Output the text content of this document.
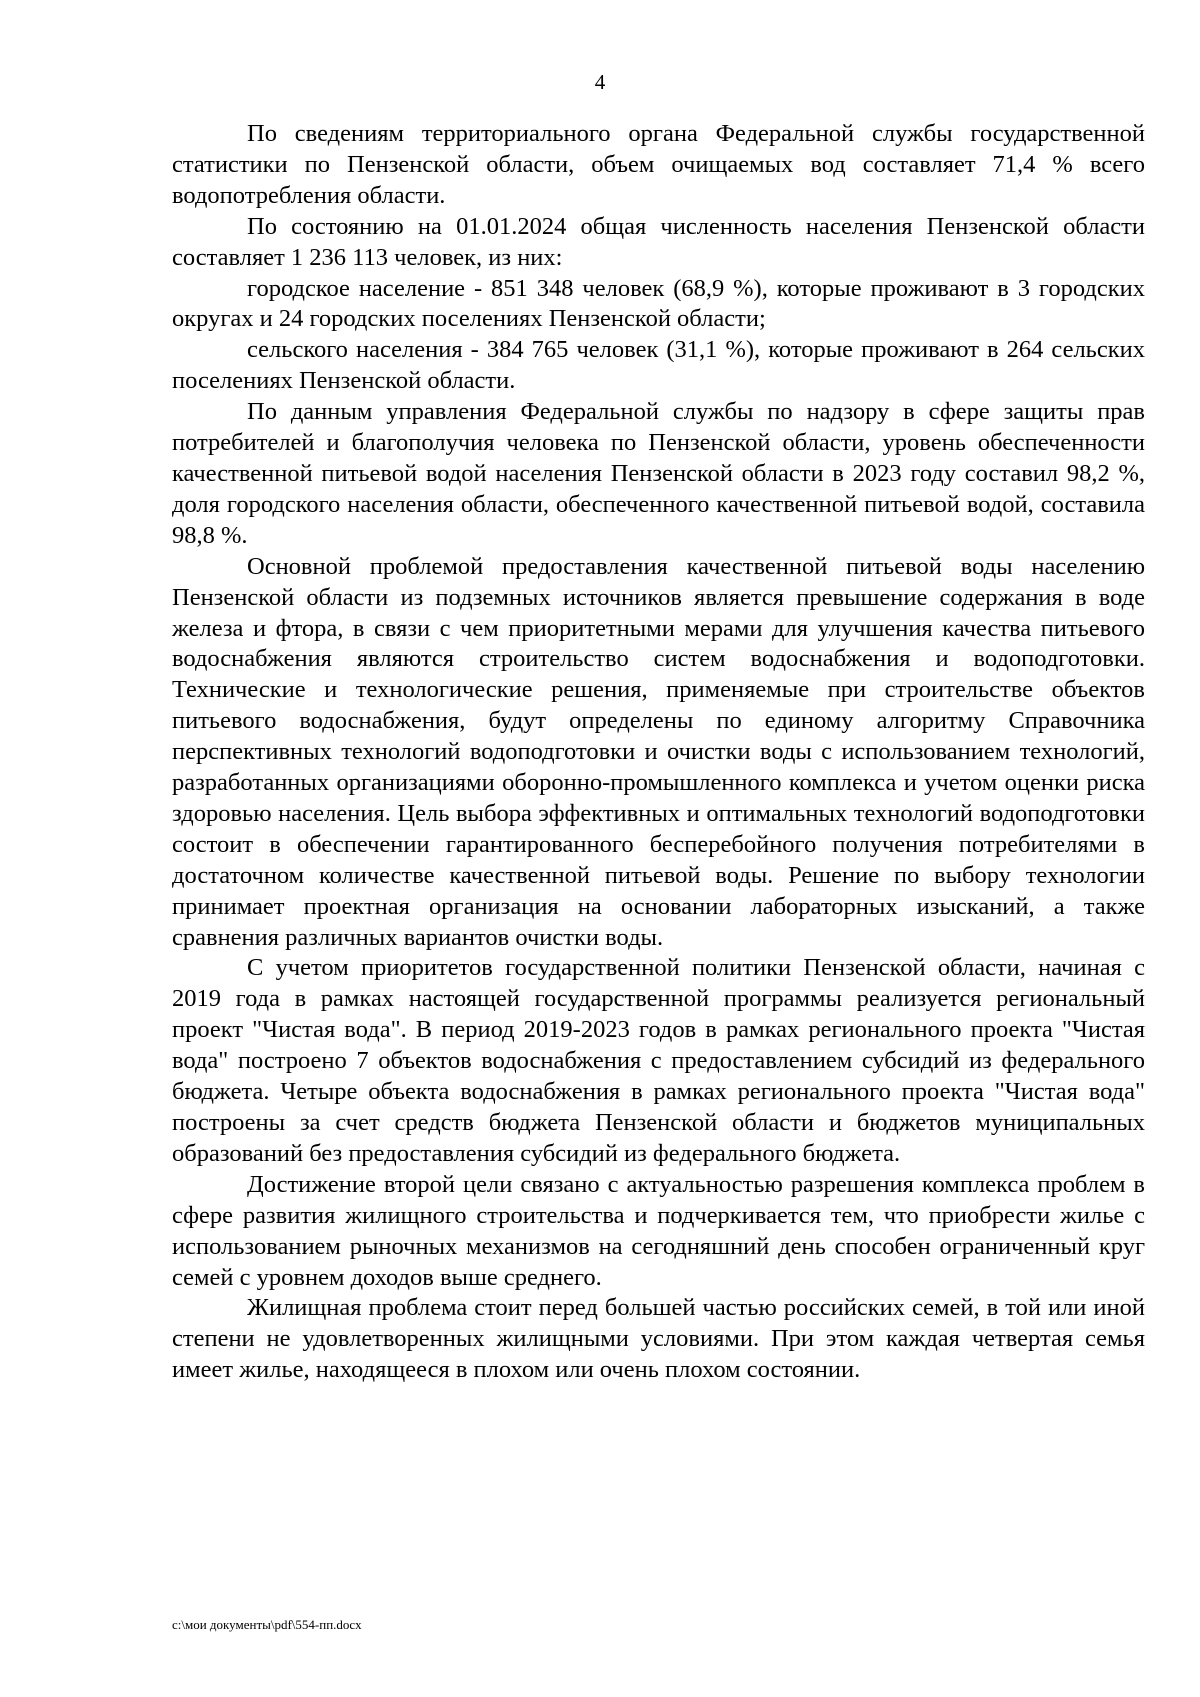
4

По сведениям территориального органа Федеральной службы государственной статистики по Пензенской области, объем очищаемых вод составляет 71,4 % всего водопотребления области.

По состоянию на 01.01.2024 общая численность населения Пензенской области составляет 1 236 113 человек, из них:

городское население - 851 348 человек (68,9 %), которые проживают в 3 городских округах и 24 городских поселениях Пензенской области;

сельского населения - 384 765 человек (31,1 %), которые проживают в 264 сельских поселениях Пензенской области.

По данным управления Федеральной службы по надзору в сфере защиты прав потребителей и благополучия человека по Пензенской области, уровень обеспеченности качественной питьевой водой населения Пензенской области в 2023 году составил 98,2 %, доля городского населения области, обеспеченного качественной питьевой водой, составила 98,8 %.

Основной проблемой предоставления качественной питьевой воды населению Пензенской области из подземных источников является превышение содержания в воде железа и фтора, в связи с чем приоритетными мерами для улучшения качества питьевого водоснабжения являются строительство систем водоснабжения и водоподготовки. Технические и технологические решения, применяемые при строительстве объектов питьевого водоснабжения, будут определены по единому алгоритму Справочника перспективных технологий водоподготовки и очистки воды с использованием технологий, разработанных организациями оборонно-промышленного комплекса и учетом оценки риска здоровью населения. Цель выбора эффективных и оптимальных технологий водоподготовки состоит в обеспечении гарантированного бесперебойного получения потребителями в достаточном количестве качественной питьевой воды. Решение по выбору технологии принимает проектная организация на основании лабораторных изысканий, а также сравнения различных вариантов очистки воды.

С учетом приоритетов государственной политики Пензенской области, начиная с 2019 года в рамках настоящей государственной программы реализуется региональный проект "Чистая вода". В период 2019-2023 годов в рамках регионального проекта "Чистая вода" построено 7 объектов водоснабжения с предоставлением субсидий из федерального бюджета. Четыре объекта водоснабжения в рамках регионального проекта "Чистая вода" построены за счет средств бюджета Пензенской области и бюджетов муниципальных образований без предоставления субсидий из федерального бюджета.

Достижение второй цели связано с актуальностью разрешения комплекса проблем в сфере развития жилищного строительства и подчеркивается тем, что приобрести жилье с использованием рыночных механизмов на сегодняшний день способен ограниченный круг семей с уровнем доходов выше среднего.

Жилищная проблема стоит перед большей частью российских семей, в той или иной степени не удовлетворенных жилищными условиями. При этом каждая четвертая семья имеет жилье, находящееся в плохом или очень плохом состоянии.

c:\мои документы\pdf\554-пп.docx
